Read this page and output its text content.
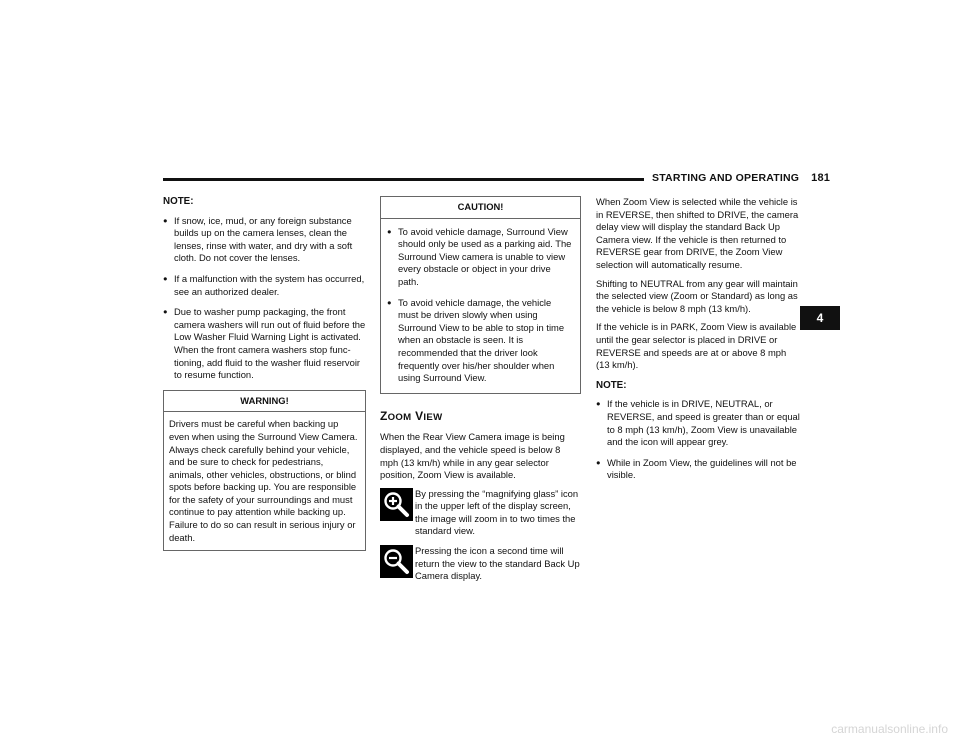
STARTING AND OPERATING 181
NOTE:
● If snow, ice, mud, or any foreign substance builds up on the camera lenses, clean the lenses, rinse with water, and dry with a soft cloth. Do not cover the lenses.
● If a malfunction with the system has occurred, see an authorized dealer.
● Due to washer pump packaging, the front camera washers will run out of fluid before the Low Washer Fluid Warning Light is activated. When the front camera washers stop func-tioning, add fluid to the washer fluid reservoir to resume function.
WARNING!
Drivers must be careful when backing up even when using the Surround View Camera. Always check carefully behind your vehicle, and be sure to check for pedestrians, animals, other vehicles, obstructions, or blind spots before backing up. You are responsible for the safety of your surroundings and must continue to pay attention while backing up. Failure to do so can result in serious injury or death.
CAUTION!
● To avoid vehicle damage, Surround View should only be used as a parking aid. The Surround View camera is unable to view every obstacle or object in your drive path.
● To avoid vehicle damage, the vehicle must be driven slowly when using Surround View to be able to stop in time when an obstacle is seen. It is recommended that the driver look frequently over his/her shoulder when using Surround View.
ZOOM VIEW

When the Rear View Camera image is being displayed, and the vehicle speed is below 8 mph (13 km/h) while in any gear selector position, Zoom View is available.

By pressing the “magnifying glass” icon in the upper left of the display screen, the image will zoom in to two times the standard view.
Pressing the icon a second time will return the view to the standard Back Up Camera display.

When Zoom View is selected while the vehicle is in REVERSE, then shifted to DRIVE, the camera delay view will display the standard Back Up Camera view. If the vehicle is then returned to REVERSE gear from DRIVE, the Zoom View selection will automatically resume.

Shifting to NEUTRAL from any gear will maintain the selected view (Zoom or Standard) as long as the vehicle is below 8 mph (13 km/h).

If the vehicle is in PARK, Zoom View is available until the gear selector is placed in DRIVE or REVERSE and speeds are at or above 8 mph (13 km/h).

NOTE:
● If the vehicle is in DRIVE, NEUTRAL, or REVERSE, and speed is greater than or equal to 8 mph (13 km/h), Zoom View is unavailable and the icon will appear grey.
● While in Zoom View, the guidelines will not be visible.
4
carmanualsonline.info
